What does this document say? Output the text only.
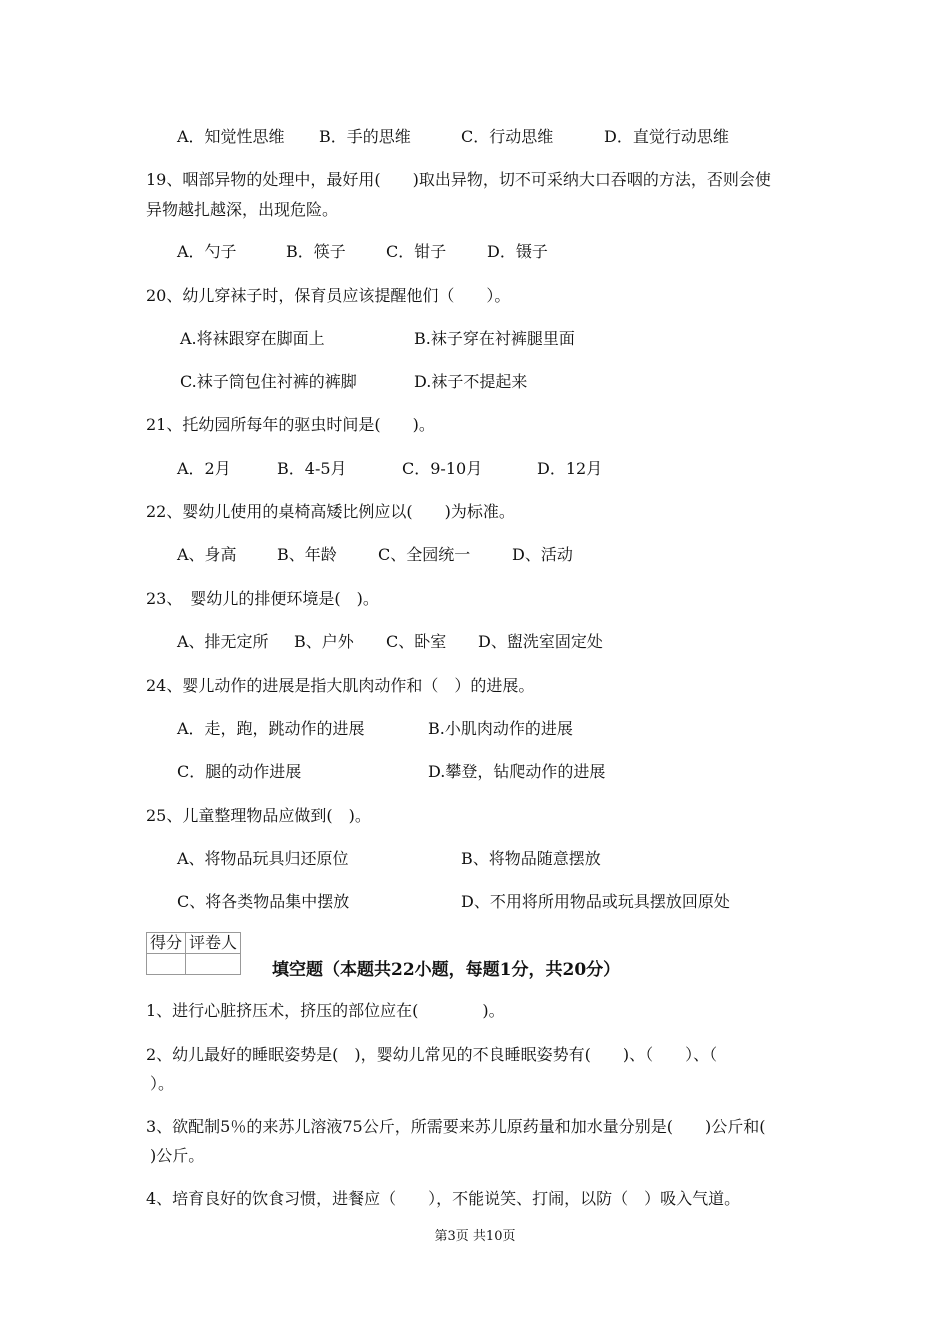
A．知觉性思维 B．手的思维	C．行动思维	D．直觉行动思维
19、咽部异物的处理中，最好用(　　)取出异物，切不可采纳大口吞咽的方法，否则会使
异物越扎越深，出现危险。
A．勺子	B．筷子	C．钳子	D．镊子
20、幼儿穿袜子时，保育员应该提醒他们（　　）。
A.将袜跟穿在脚面上	B.袜子穿在衬裤腿里面
C.袜子筒包住衬裤的裤脚	D.袜子不提起来
21、托幼园所每年的驱虫时间是(　　)。
A．2月	B．4-5月	C．9-10月	D．12月
22、婴幼儿使用的桌椅高矮比例应以(　　)为标准。
A、身高	B、年龄	C、全园统一	D、活动
23、　婴幼儿的排便环境是(　)。
A、排无定所 B、户外 C、卧室 D、盥洗室固定处
24、婴儿动作的进展是指大肌肉动作和（　）的进展。
A．走，跑，跳动作的进展	B.小肌肉动作的进展
C．腿的动作进展	D.攀登，钻爬动作的进展
25、儿童整理物品应做到(　)。
A、将物品玩具归还原位	B、将物品随意摆放
C、将各类物品集中摆放	D、不用将所用物品或玩具摆放回原处
得分	评卷人

填空题（本题共22小题，每题1分，共20分）
1、进行心脏挤压术，挤压的部位应在(　　　　)。
2、幼儿最好的睡眠姿势是(　)，婴幼儿常见的不良睡眠姿势有(　　)、（　　）、（
）。
3、欲配制5％的来苏儿溶液75公斤，所需要来苏儿原药量和加水量分别是(　　)公斤和(
)公斤。
4、培育良好的饮食习惯，进餐应（　　），不能说笑、打闹，以防（　）吸入气道。
第3页 共10页
